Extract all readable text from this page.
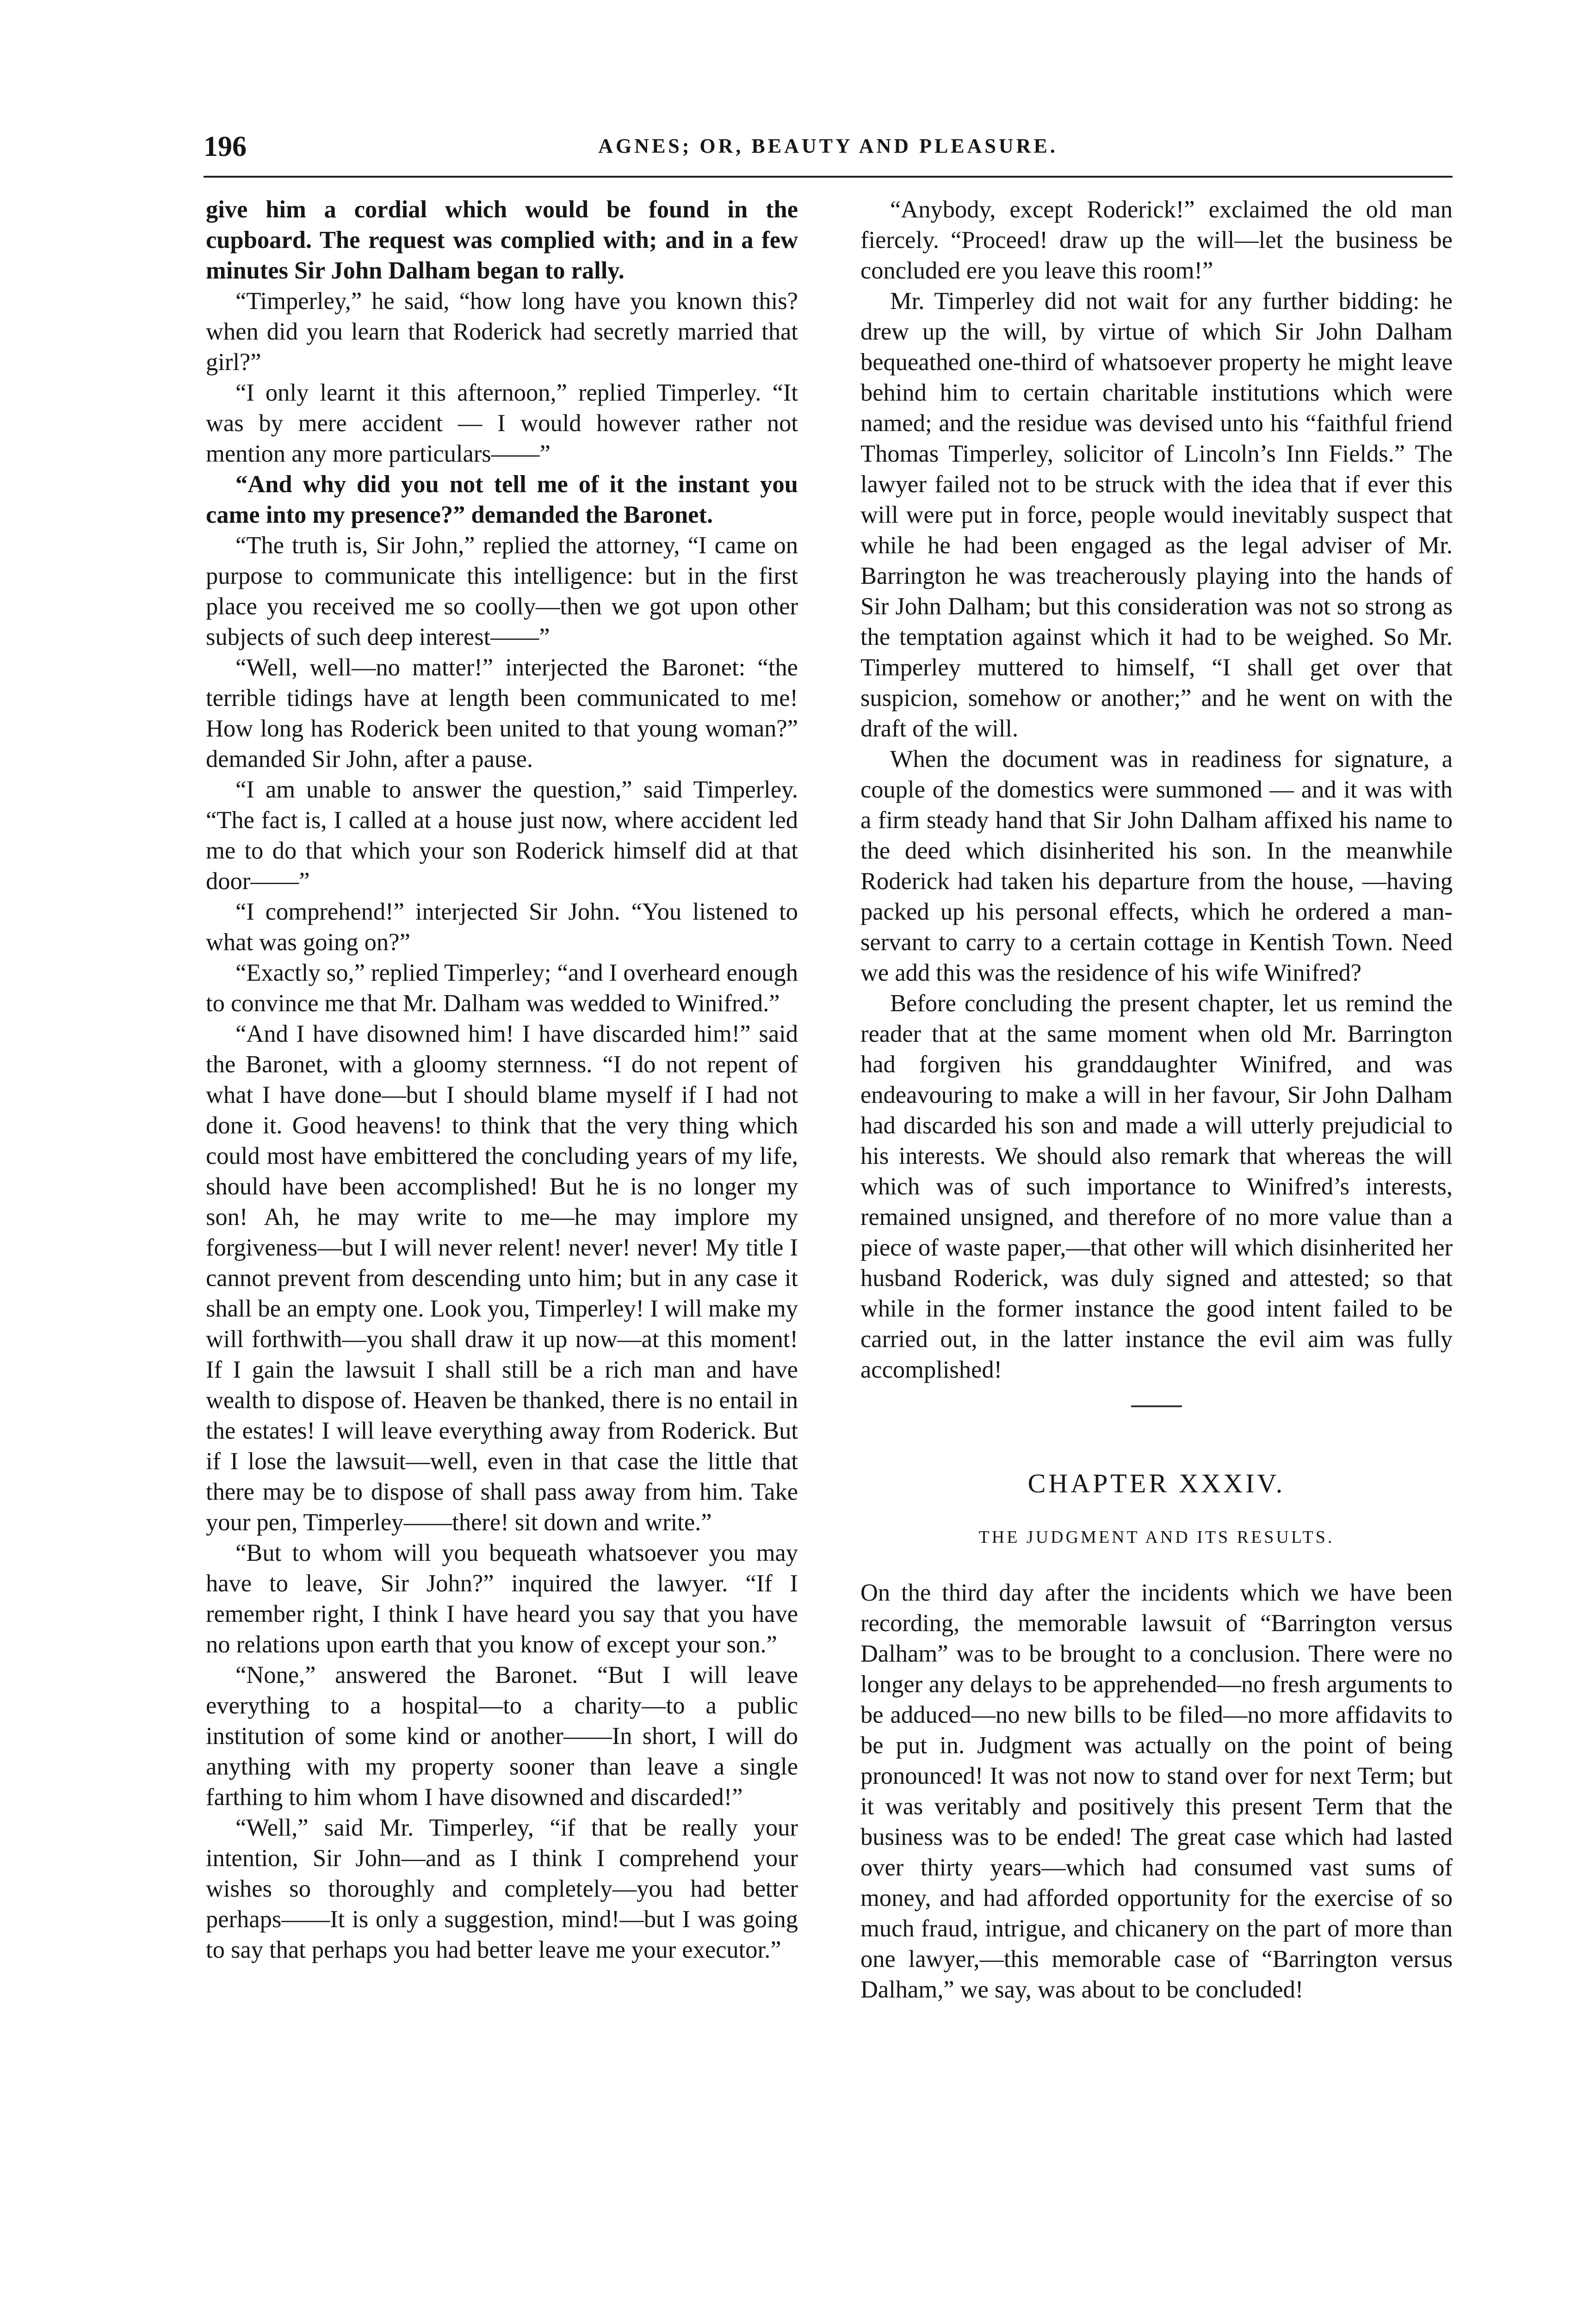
196	AGNES; OR, BEAUTY AND PLEASURE.

give him a cordial which would be found in the cupboard. The request was complied with; and in a few minutes Sir John Dalham began to rally.

“Timperley,” he said, “how long have you known this? when did you learn that Roderick had secretly married that girl?”

“I only learnt it this afternoon,” replied Timperley. “It was by mere accident — I would however rather not mention any more particulars——”

“And why did you not tell me of it the instant you came into my presence?” demanded the Baronet.

“The truth is, Sir John,” replied the attorney, “I came on purpose to communicate this intelligence: but in the first place you received me so coolly—then we got upon other subjects of such deep interest——”

“Well, well—no matter!” interjected the Baronet: “the terrible tidings have at length been communicated to me! How long has Roderick been united to that young woman?” demanded Sir John, after a pause.

“I am unable to answer the question,” said Timperley. “The fact is, I called at a house just now, where accident led me to do that which your son Roderick himself did at that door——”

“I comprehend!” interjected Sir John. “You listened to what was going on?”

“Exactly so,” replied Timperley; “and I overheard enough to convince me that Mr. Dalham was wedded to Winifred.”

“And I have disowned him! I have discarded him!” said the Baronet, with a gloomy sternness. “I do not repent of what I have done—but I should blame myself if I had not done it. Good heavens! to think that the very thing which could most have embittered the concluding years of my life, should have been accomplished! But he is no longer my son! Ah, he may write to me—he may implore my forgiveness—but I will never relent! never! never! My title I cannot prevent from descending unto him; but in any case it shall be an empty one. Look you, Timperley! I will make my will forthwith—you shall draw it up now—at this moment! If I gain the lawsuit I shall still be a rich man and have wealth to dispose of. Heaven be thanked, there is no entail in the estates! I will leave everything away from Roderick. But if I lose the lawsuit—well, even in that case the little that there may be to dispose of shall pass away from him. Take your pen, Timperley——there! sit down and write.”

“But to whom will you bequeath whatsoever you may have to leave, Sir John?” inquired the lawyer. “If I remember right, I think I have heard you say that you have no relations upon earth that you know of except your son.”

“None,” answered the Baronet. “But I will leave everything to a hospital—to a charity—to a public institution of some kind or another——In short, I will do anything with my property sooner than leave a single farthing to him whom I have disowned and discarded!”

“Well,” said Mr. Timperley, “if that be really your intention, Sir John—and as I think I comprehend your wishes so thoroughly and completely—you had better perhaps——It is only a suggestion, mind!—but I was going to say that perhaps you had better leave me your executor.”

“Anybody, except Roderick!” exclaimed the old man fiercely. “Proceed! draw up the will—let the business be concluded ere you leave this room!”

Mr. Timperley did not wait for any further bidding: he drew up the will, by virtue of which Sir John Dalham bequeathed one-third of whatsoever property he might leave behind him to certain charitable institutions which were named; and the residue was devised unto his “faithful friend Thomas Timperley, solicitor of Lincoln’s Inn Fields.” The lawyer failed not to be struck with the idea that if ever this will were put in force, people would inevitably suspect that while he had been engaged as the legal adviser of Mr. Barrington he was treacherously playing into the hands of Sir John Dalham; but this consideration was not so strong as the temptation against which it had to be weighed. So Mr. Timperley muttered to himself, “I shall get over that suspicion, somehow or another;” and he went on with the draft of the will.

When the document was in readiness for signature, a couple of the domestics were summoned — and it was with a firm steady hand that Sir John Dalham affixed his name to the deed which disinherited his son. In the meanwhile Roderick had taken his departure from the house, —having packed up his personal effects, which he ordered a man-servant to carry to a certain cottage in Kentish Town. Need we add this was the residence of his wife Winifred?

Before concluding the present chapter, let us remind the reader that at the same moment when old Mr. Barrington had forgiven his granddaughter Winifred, and was endeavouring to make a will in her favour, Sir John Dalham had discarded his son and made a will utterly prejudicial to his interests. We should also remark that whereas the will which was of such importance to Winifred’s interests, remained unsigned, and therefore of no more value than a piece of waste paper,—that other will which disinherited her husband Roderick, was duly signed and attested; so that while in the former instance the good intent failed to be carried out, in the latter instance the evil aim was fully accomplished!

CHAPTER XXXIV.
THE JUDGMENT AND ITS RESULTS.

On the third day after the incidents which we have been recording, the memorable lawsuit of “Barrington versus Dalham” was to be brought to a conclusion. There were no longer any delays to be apprehended—no fresh arguments to be adduced—no new bills to be filed—no more affidavits to be put in. Judgment was actually on the point of being pronounced! It was not now to stand over for next Term; but it was veritably and positively this present Term that the business was to be ended! The great case which had lasted over thirty years—which had consumed vast sums of money, and had afforded opportunity for the exercise of so much fraud, intrigue, and chicanery on the part of more than one lawyer,—this memorable case of “Barrington versus Dalham,” we say, was about to be concluded!
